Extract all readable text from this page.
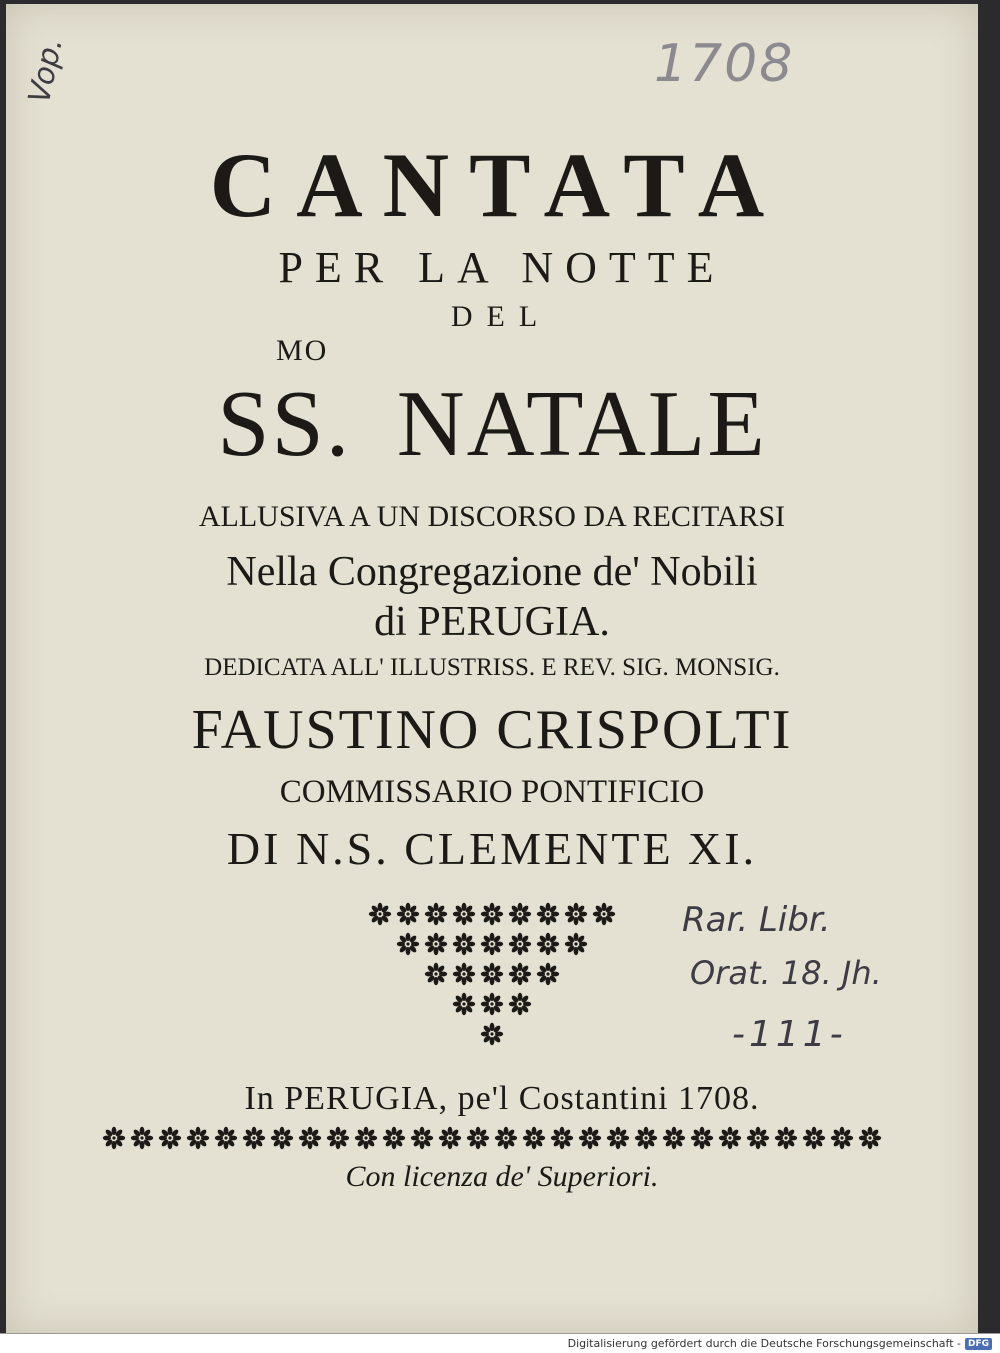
Vop.	1708
CANTATA
PER LA NOTTE
DEL
MO
SS. NATALE
ALLUSIVA A UN DISCORSO DA RECITARSI
Nella Congregazione de' Nobili
di PERUGIA.
DEDICATA ALL' ILLUSTRISS. E REV. SIG. MONSIG.
FAUSTINO CRISPOLTI
COMMISSARIO PONTIFICIO
DI N.S. CLEMENTE XI.
Rar. Libr.
Orat. 18. Jh.
-111-
In PERUGIA, pe'l Costantini 1708.
Con licenza de' Superiori.
Digitalisierung gefördert durch die Deutsche Forschungsgemeinschaft - DFG
